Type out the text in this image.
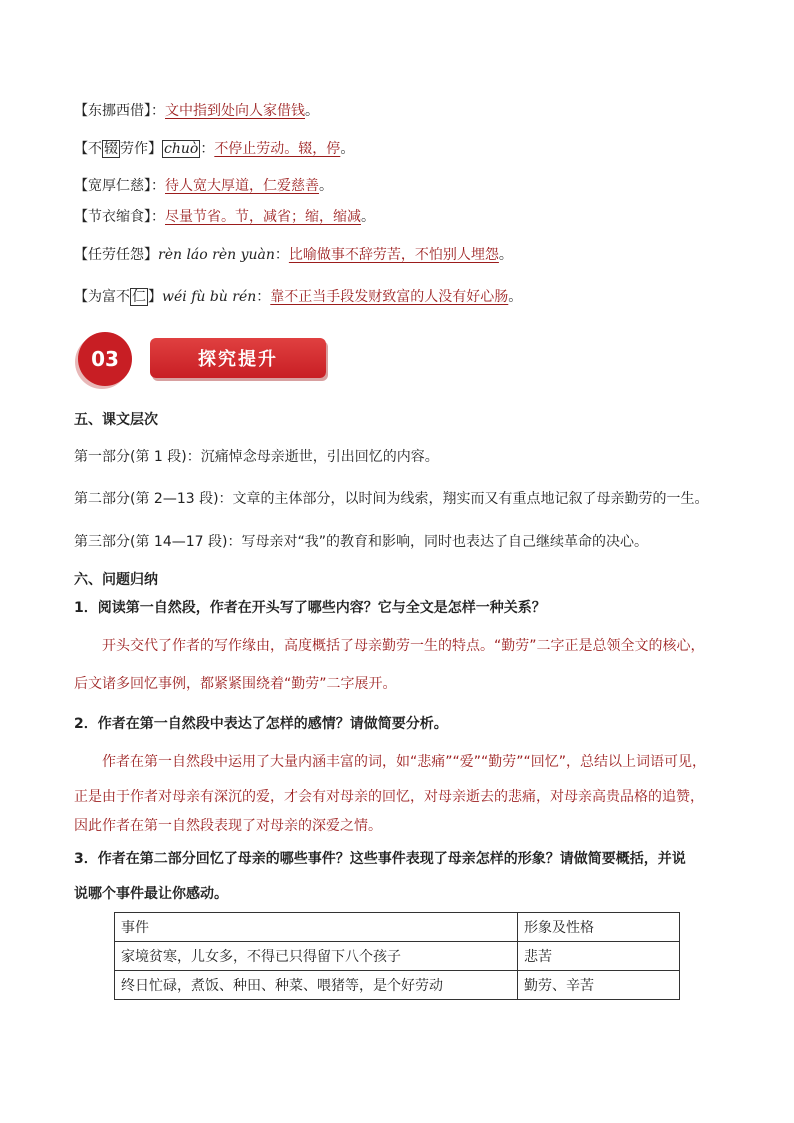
【东挪西借】：文中指到处向人家借钱。
【不 辍 劳作】 chuò ：不停止劳动。辍，停。
【宽厚仁慈】：待人宽大厚道，仁爱慈善。
【节衣缩食】：尽量节省。节，减省；缩，缩减。
【任劳任怨】rèn láo rèn yuàn：比喻做事不辞劳苦，不怕别人埋怨。
【为富不 仁 】wéi fù bù rén：靠不正当手段发财致富的人没有好心肠。
03	探究提升
五、课文层次
第一部分(第 1 段)：沉痛悼念母亲逝世，引出回忆的内容。
第二部分(第 2—13 段)：文章的主体部分，以时间为线索，翔实而又有重点地记叙了母亲勤劳的一生。
第三部分(第 14—17 段)：写母亲对“我”的教育和影响，同时也表达了自己继续革命的决心。
六、问题归纳
1．阅读第一自然段，作者在开头写了哪些内容？它与全文是怎样一种关系？
开头交代了作者的写作缘由，高度概括了母亲勤劳一生的特点。“勤劳”二字正是总领全文的核心，
后文诸多回忆事例，都紧紧围绕着“勤劳”二字展开。
2．作者在第一自然段中表达了怎样的感情？请做简要分析。
作者在第一自然段中运用了大量内涵丰富的词，如“悲痛”“爱”“勤劳”“回忆”，总结以上词语可见，
正是由于作者对母亲有深沉的爱，才会有对母亲的回忆，对母亲逝去的悲痛，对母亲高贵品格的追赞，
因此作者在第一自然段表现了对母亲的深爱之情。
3．作者在第二部分回忆了母亲的哪些事件？这些事件表现了母亲怎样的形象？请做简要概括，并说
说哪个事件最让你感动。
事件	形象及性格
家境贫寒，儿女多，不得已只得留下八个孩子	悲苦
终日忙碌，煮饭、种田、种菜、喂猪等，是个好劳动	勤劳、辛苦
